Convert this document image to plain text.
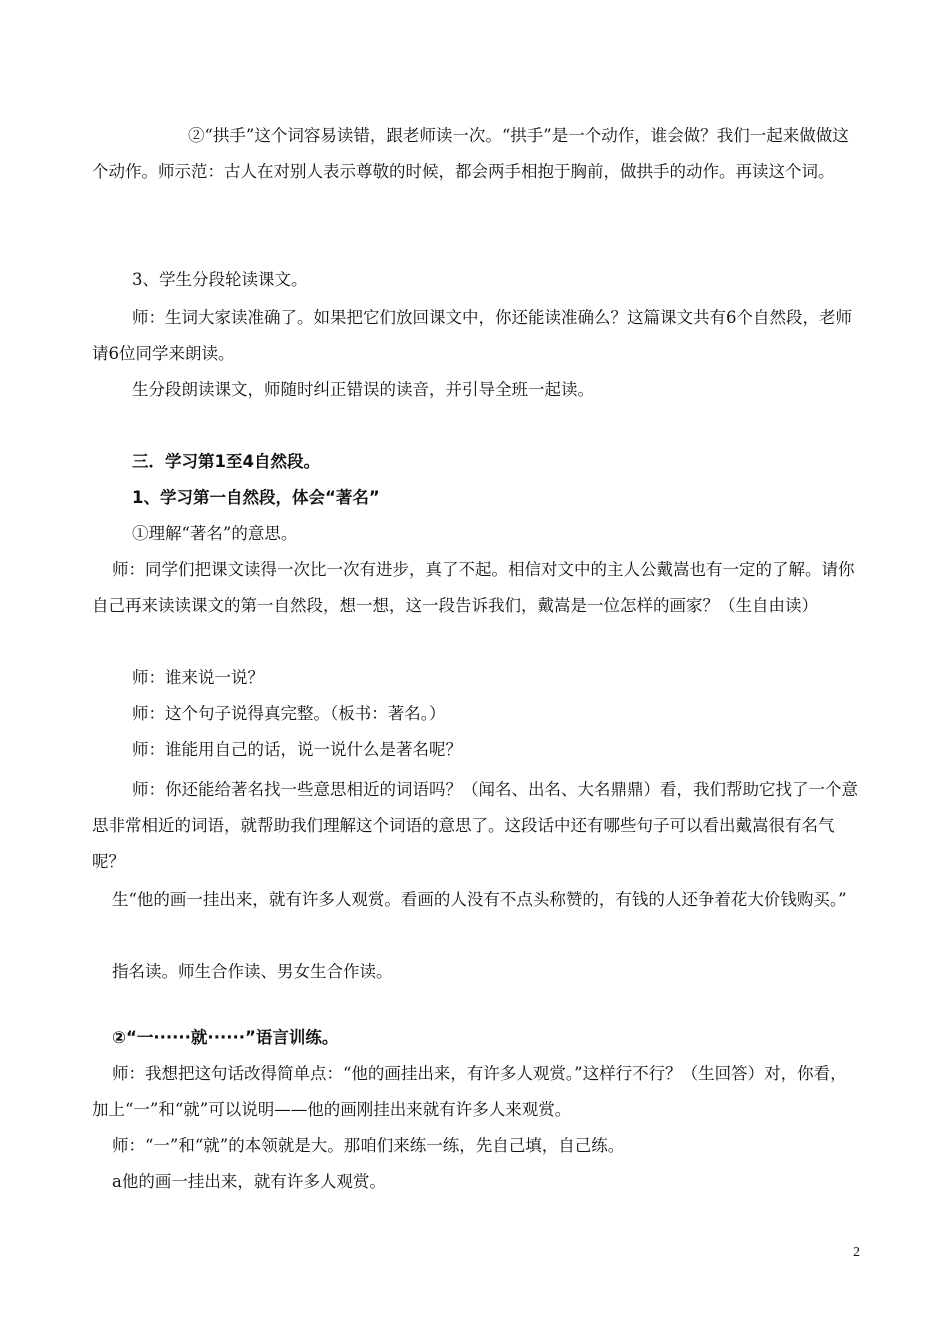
②“拱手”这个词容易读错，跟老师读一次。“拱手”是一个动作，谁会做？我们一起来做做这个动作。师示范：古人在对别人表示尊敬的时候，都会两手相抱于胸前，做拱手的动作。再读这个词。

3、学生分段轮读课文。

师：生词大家读准确了。如果把它们放回课文中，你还能读准确么？这篇课文共有6个自然段，老师请6位同学来朗读。

生分段朗读课文，师随时纠正错误的读音，并引导全班一起读。

三．学习第1至4自然段。

1、学习第一自然段，体会“著名”

①理解“著名”的意思。

师：同学们把课文读得一次比一次有进步，真了不起。相信对文中的主人公戴嵩也有一定的了解。请你自己再来读读课文的第一自然段，想一想，这一段告诉我们，戴嵩是一位怎样的画家？（生自由读）

师：谁来说一说？

师：这个句子说得真完整。（板书：著名。）

师：谁能用自己的话，说一说什么是著名呢？

师：你还能给著名找一些意思相近的词语吗？（闻名、出名、大名鼎鼎）看，我们帮助它找了一个意思非常相近的词语，就帮助我们理解这个词语的意思了。这段话中还有哪些句子可以看出戴嵩很有名气呢？

生“他的画一挂出来，就有许多人观赏。看画的人没有不点头称赞的，有钱的人还争着花大价钱购买。”

指名读。师生合作读、男女生合作读。

②“一······就······”语言训练。

师：我想把这句话改得简单点：“他的画挂出来，有许多人观赏。”这样行不行？（生回答）对，你看，加上“一”和“就”可以说明——他的画刚挂出来就有许多人来观赏。

师：“一”和“就”的本领就是大。那咱们来练一练，先自己填，自己练。

a他的画一挂出来，就有许多人观赏。

2
